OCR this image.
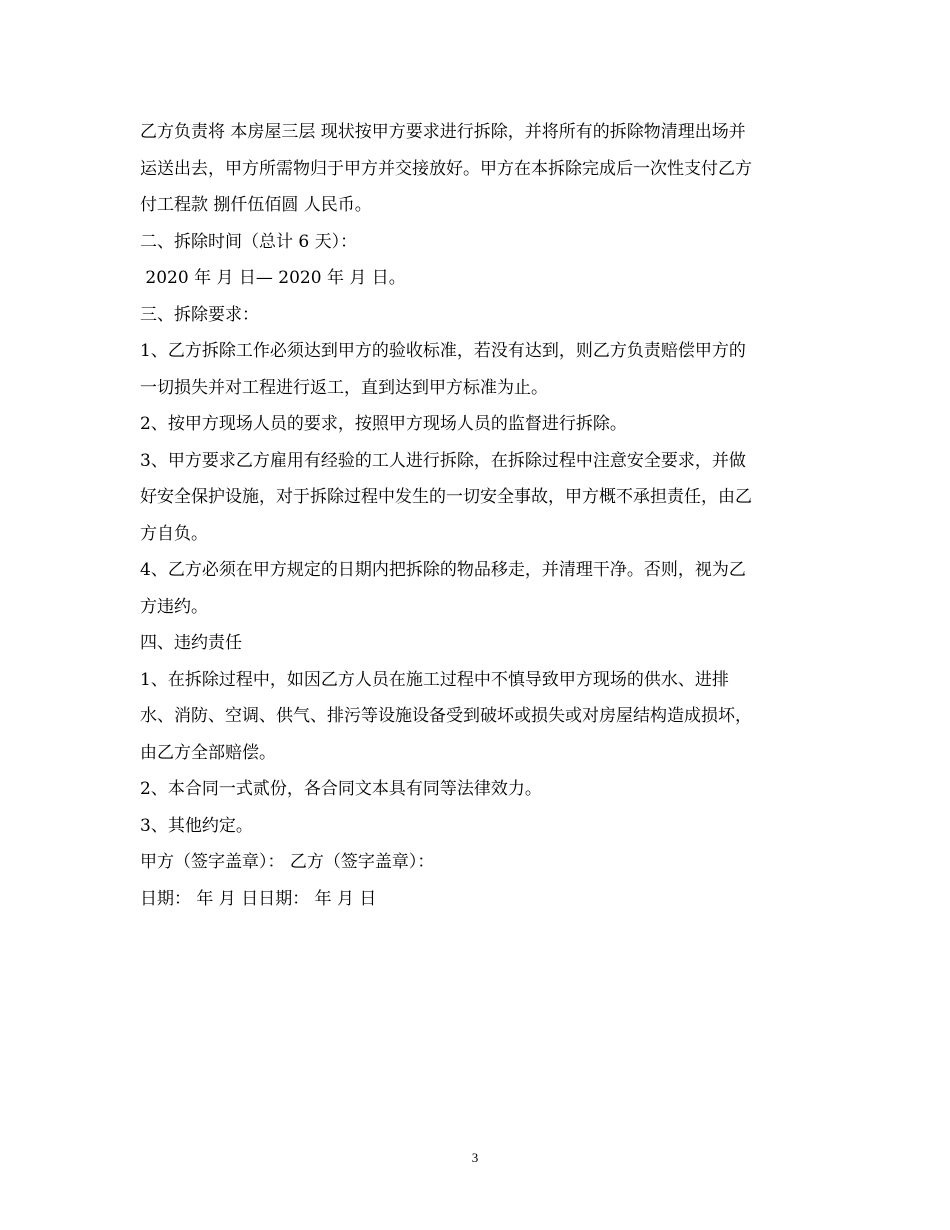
乙方负责将 本房屋三层 现状按甲方要求进行拆除，并将所有的拆除物清理出场并
运送出去，甲方所需物归于甲方并交接放好。甲方在本拆除完成后一次性支付乙方
付工程款 捌仟伍佰圆 人民币。
二、拆除时间（总计 6 天）：
2020 年 月 日— 2020 年 月 日。
三、拆除要求：
1、乙方拆除工作必须达到甲方的验收标准，若没有达到，则乙方负责赔偿甲方的
一切损失并对工程进行返工，直到达到甲方标准为止。
2、按甲方现场人员的要求，按照甲方现场人员的监督进行拆除。
3、甲方要求乙方雇用有经验的工人进行拆除，在拆除过程中注意安全要求，并做
好安全保护设施，对于拆除过程中发生的一切安全事故，甲方概不承担责任，由乙
方自负。
4、乙方必须在甲方规定的日期内把拆除的物品移走，并清理干净。否则，视为乙
方违约。
四、违约责任
1、在拆除过程中，如因乙方人员在施工过程中不慎导致甲方现场的供水、进排
水、消防、空调、供气、排污等设施设备受到破坏或损失或对房屋结构造成损坏，
由乙方全部赔偿。
2、本合同一式贰份，各合同文本具有同等法律效力。
3、其他约定。
甲方（签字盖章）： 乙方（签字盖章）：
日期： 年 月 日日期： 年 月 日
3
